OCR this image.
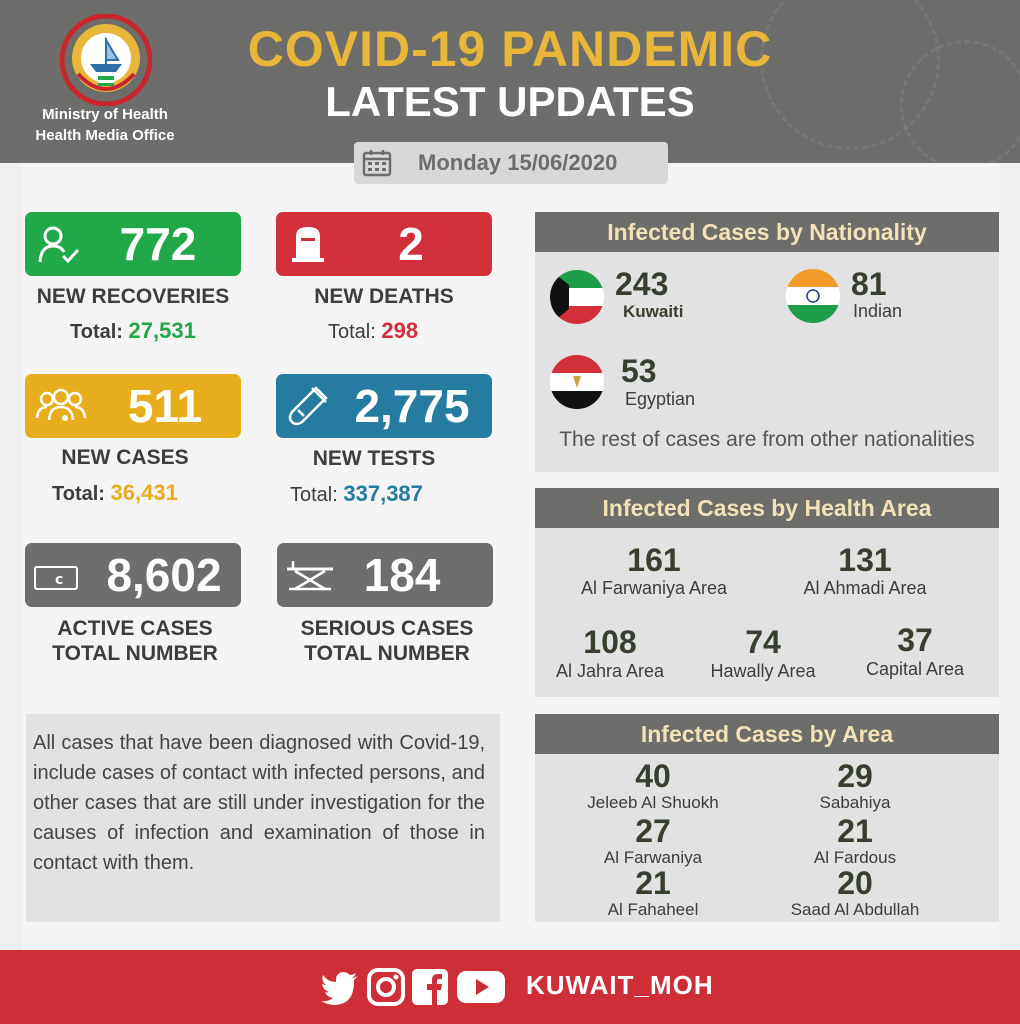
Ministry of Health
Health Media Office
COVID-19 PANDEMIC
LATEST UPDATES
Monday 15/06/2020
772
NEW RECOVERIES
Total: 27,531
2
NEW DEATHS
Total: 298
511
NEW CASES
Total: 36,431
2,775
NEW TESTS
Total: 337,387
c 8,602
ACTIVE CASES
TOTAL NUMBER
184
SERIOUS CASES
TOTAL NUMBER

All cases that have been diagnosed with Covid-19, include cases of contact with infected persons, and other cases that are still under investigation for the causes of infection and examination of those in contact with them.

Infected Cases by Nationality
243
Kuwaiti
81
Indian
53
Egyptian
The rest of cases are from other nationalities
Infected Cases by Health Area
161
Al Farwaniya Area
131
Al Ahmadi Area
108
Al Jahra Area
74
Hawally Area
37
Capital Area
Infected Cases by Area
40
Jeleeb Al Shuokh
29
Sabahiya
27
Al Farwaniya
21
Al Fardous
21
Al Fahaheel
20
Saad Al Abdullah
KUWAIT_MOH
